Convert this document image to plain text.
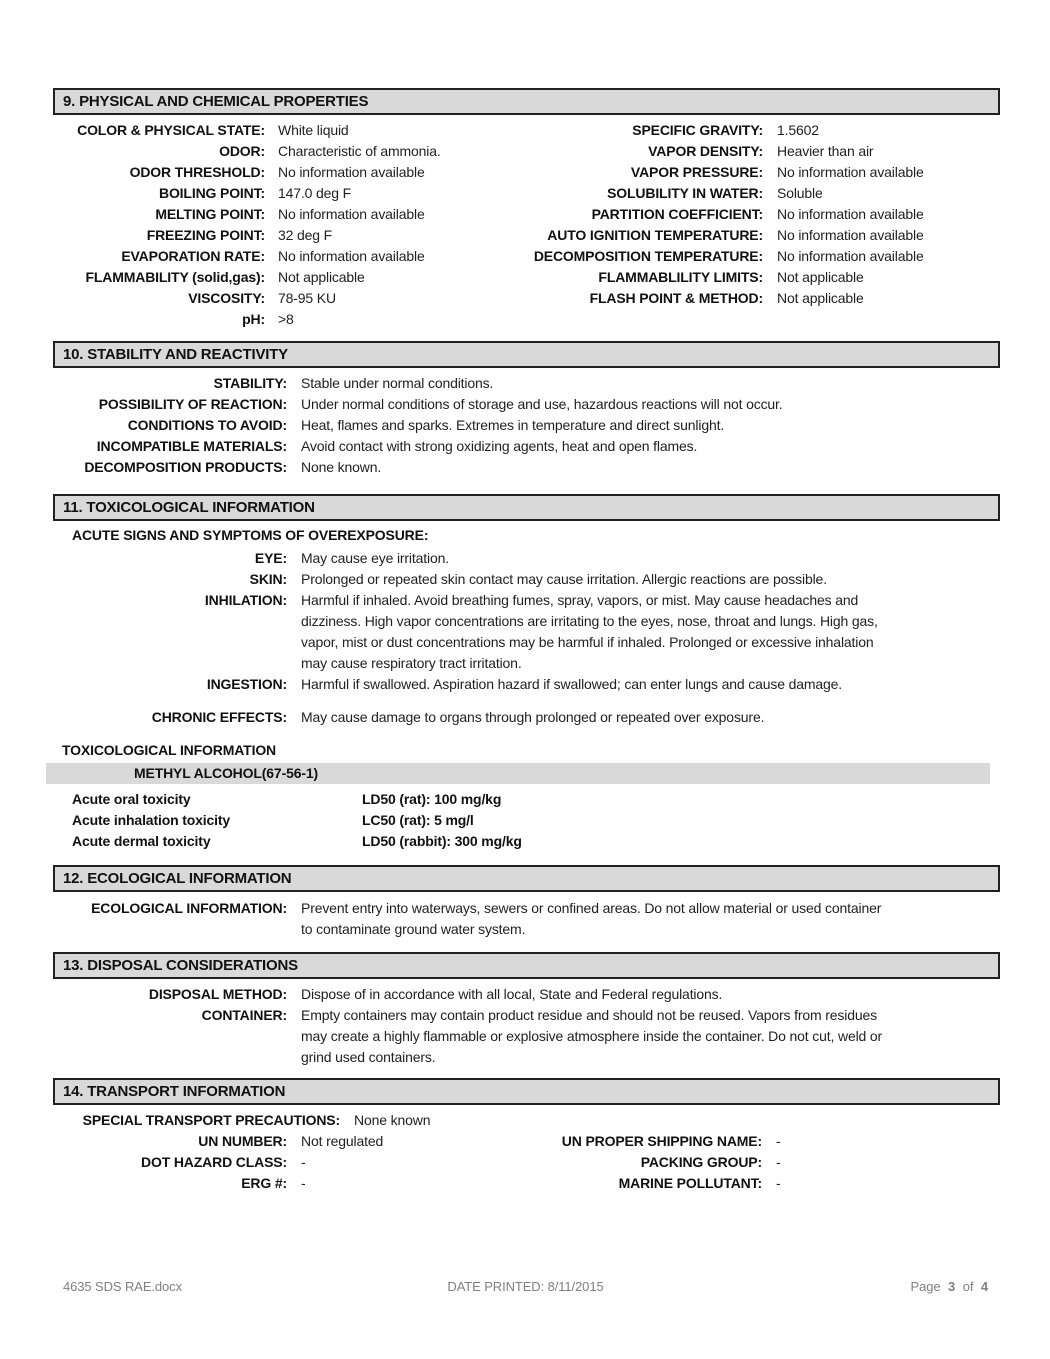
9. PHYSICAL AND CHEMICAL PROPERTIES
COLOR & PHYSICAL STATE: White liquid	SPECIFIC GRAVITY:	1.5602
ODOR: Characteristic of ammonia.	VAPOR DENSITY:	Heavier than air
ODOR THRESHOLD: No information available	VAPOR PRESSURE:	No information available
BOILING POINT: 147.0 deg F	SOLUBILITY IN WATER:	Soluble
MELTING POINT: No information available	PARTITION COEFFICIENT:	No information available
FREEZING POINT: 32 deg F	AUTO IGNITION TEMPERATURE:	No information available
EVAPORATION RATE: No information available	DECOMPOSITION TEMPERATURE:	No information available
FLAMMABILITY (solid,gas): Not applicable	FLAMMABLILITY LIMITS:	Not applicable
VISCOSITY: 78-95 KU	FLASH POINT & METHOD:	Not applicable
pH: >8
10. STABILITY AND REACTIVITY
STABILITY:	Stable under normal conditions.
POSSIBILITY OF REACTION:	Under normal conditions of storage and use, hazardous reactions will not occur.
CONDITIONS TO AVOID:	Heat, flames and sparks. Extremes in temperature and direct sunlight.
INCOMPATIBLE MATERIALS:	Avoid contact with strong oxidizing agents, heat and open flames.
DECOMPOSITION PRODUCTS:	None known.
11. TOXICOLOGICAL INFORMATION
ACUTE SIGNS AND SYMPTOMS OF OVEREXPOSURE:
EYE:	May cause eye irritation.
SKIN:	Prolonged or repeated skin contact may cause irritation. Allergic reactions are possible.
INHILATION:	Harmful if inhaled. Avoid breathing fumes, spray, vapors, or mist. May cause headaches and
dizziness. High vapor concentrations are irritating to the eyes, nose, throat and lungs. High gas,
vapor, mist or dust concentrations may be harmful if inhaled. Prolonged or excessive inhalation
may cause respiratory tract irritation.
INGESTION:	Harmful if swallowed. Aspiration hazard if swallowed; can enter lungs and cause damage.
CHRONIC EFFECTS:	May cause damage to organs through prolonged or repeated over exposure.
TOXICOLOGICAL INFORMATION
METHYL ALCOHOL(67-56-1)
Acute oral toxicity	LD50 (rat): 100 mg/kg
Acute inhalation toxicity	LC50 (rat): 5 mg/l
Acute dermal toxicity	LD50 (rabbit): 300 mg/kg
12. ECOLOGICAL INFORMATION
ECOLOGICAL INFORMATION:	Prevent entry into waterways, sewers or confined areas. Do not allow material or used container
to contaminate ground water system.
13. DISPOSAL CONSIDERATIONS
DISPOSAL METHOD:	Dispose of in accordance with all local, State and Federal regulations.
CONTAINER:	Empty containers may contain product residue and should not be reused. Vapors from residues
may create a highly flammable or explosive atmosphere inside the container. Do not cut, weld or
grind used containers.
14. TRANSPORT INFORMATION
SPECIAL TRANSPORT PRECAUTIONS:	None known
UN NUMBER:	Not regulated	UN PROPER SHIPPING NAME:	-
DOT HAZARD CLASS:	-	PACKING GROUP:	-
ERG #:	-	MARINE POLLUTANT:	-
4635 SDS RAE.docx	DATE PRINTED: 8/11/2015	Page 3 of 4
